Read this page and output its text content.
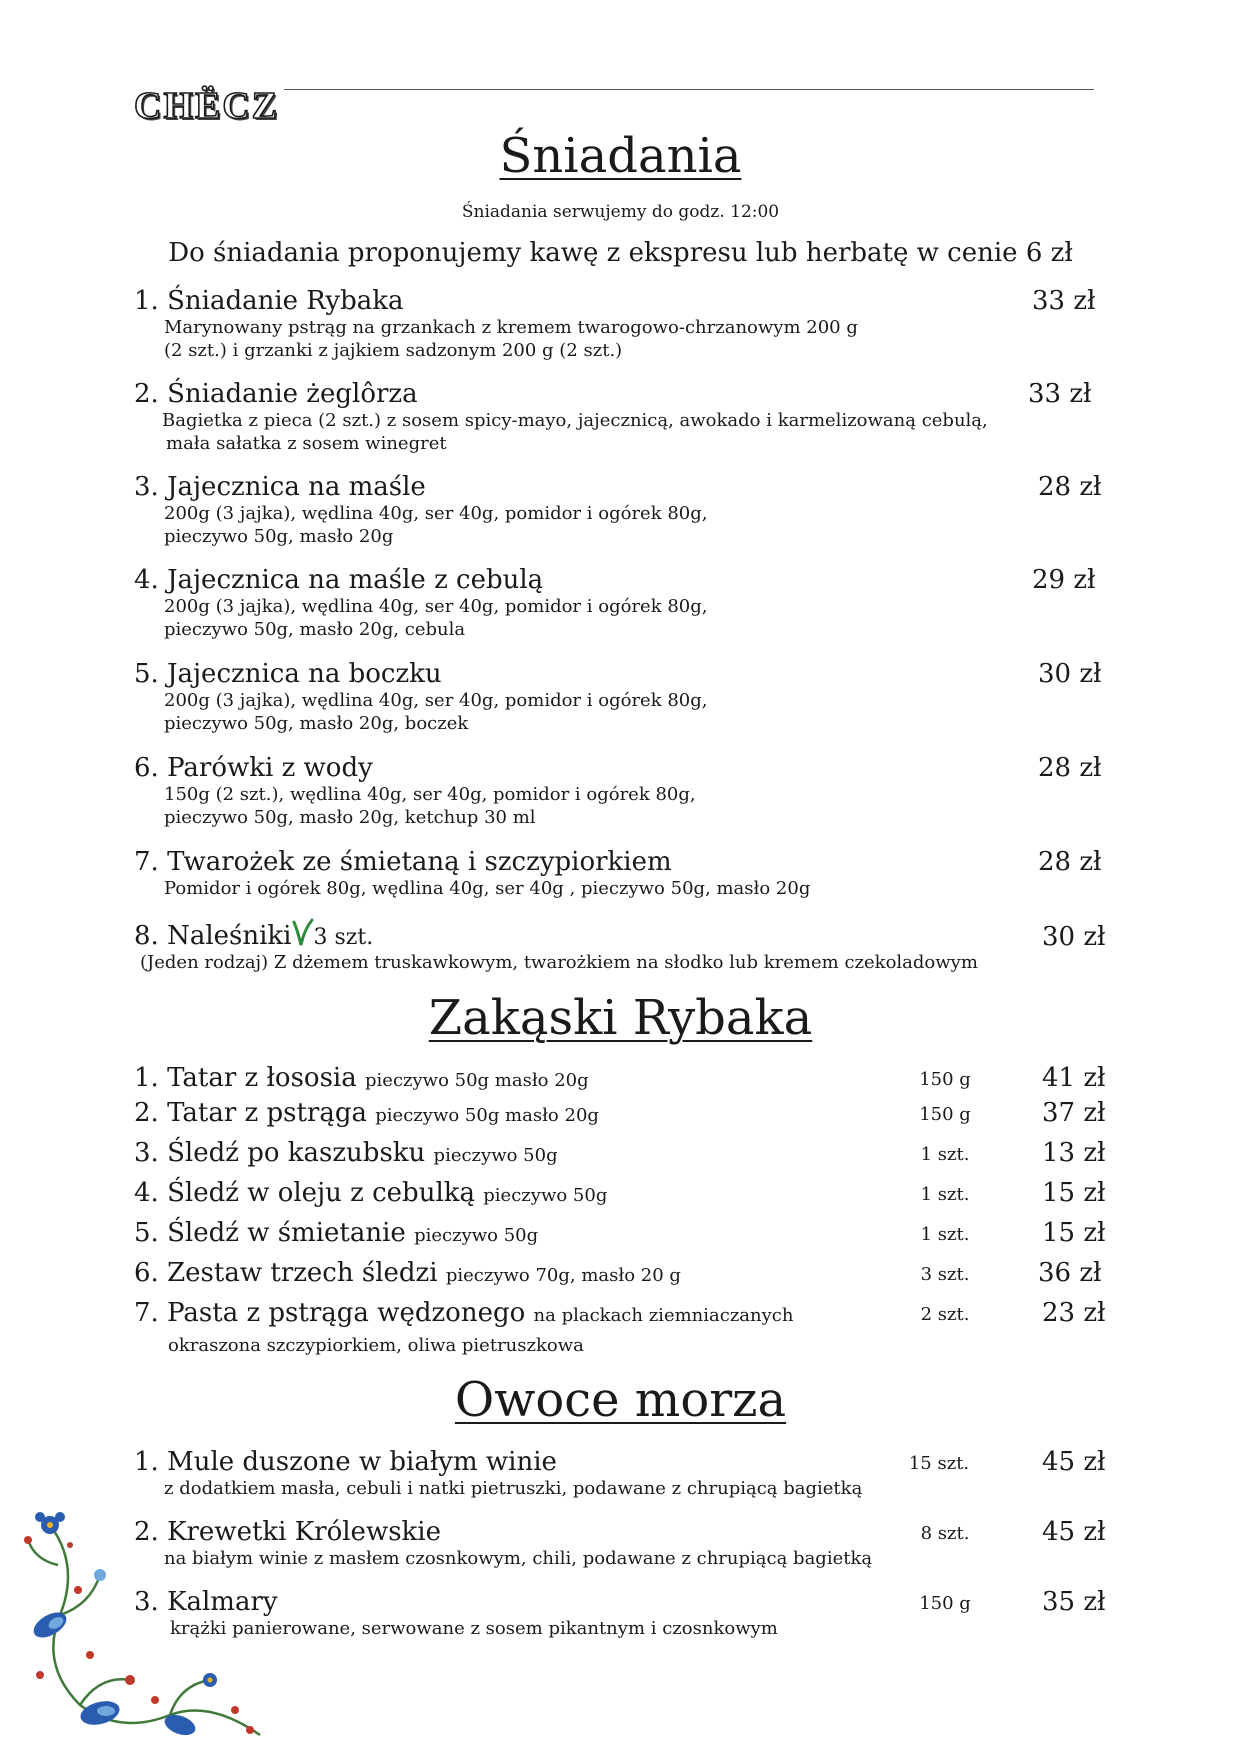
CHËCZ
Śniadania
Śniadania serwujemy do godz. 12:00
Do śniadania proponujemy kawę z ekspresu lub herbatę w cenie 6 zł
1. Śniadanie Rybaka
Marynowany pstrąg na grzankach z kremem twarogowo-chrzanowym 200 g
(2 szt.) i grzanki z jajkiem sadzonym 200 g (2 szt.)
33 zł
2. Śniadanie żeglôrza
Bagietka z pieca (2 szt.) z sosem spicy-mayo, jajecznicą, awokado i karmelizowaną cebulą,
mała sałatka z sosem winegret
33 zł
3. Jajecznica na maśle
200g (3 jajka), wędlina 40g, ser 40g, pomidor i ogórek 80g,
pieczywo 50g, masło 20g
28 zł
4. Jajecznica na maśle z cebulą
200g (3 jajka), wędlina 40g, ser 40g, pomidor i ogórek 80g,
pieczywo 50g, masło 20g, cebula
29 zł
5. Jajecznica na boczku
200g (3 jajka), wędlina 40g, ser 40g, pomidor i ogórek 80g,
pieczywo 50g, masło 20g, boczek
30 zł
6. Parówki z wody
150g (2 szt.), wędlina 40g, ser 40g, pomidor i ogórek 80g,
pieczywo 50g, masło 20g, ketchup 30 ml
28 zł
7. Twarożek ze śmietaną i szczypiorkiem
Pomidor i ogórek 80g, wędlina 40g, ser 40g , pieczywo 50g, masło 20g
28 zł
8. Naleśniki 3 szt.
(Jeden rodzaj) Z dżemem truskawkowym, twarożkiem na słodko lub kremem czekoladowym
30 zł
Zakąski Rybaka
1. Tatar z łososia pieczywo 50g masło 20g	150 g	41 zł
2. Tatar z pstrąga pieczywo 50g masło 20g	150 g	37 zł
3. Śledź po kaszubsku pieczywo 50g	1 szt.	13 zł
4. Śledź w oleju z cebulką pieczywo 50g	1 szt.	15 zł
5. Śledź w śmietanie pieczywo 50g	1 szt.	15 zł
6. Zestaw trzech śledzi pieczywo 70g, masło 20 g	3 szt.	36 zł
7. Pasta z pstrąga wędzonego na plackach ziemniaczanych
okraszona szczypiorkiem, oliwa pietruszkowa
2 szt.	23 zł
Owoce morza
1. Mule duszone w białym winie
z dodatkiem masła, cebuli i natki pietruszki, podawane z chrupiącą bagietką
15 szt.	45 zł
2. Krewetki Królewskie
na białym winie z masłem czosnkowym, chili, podawane z chrupiącą bagietką
8 szt.	45 zł
3. Kalmary
krążki panierowane, serwowane z sosem pikantnym i czosnkowym
150 g	35 zł
